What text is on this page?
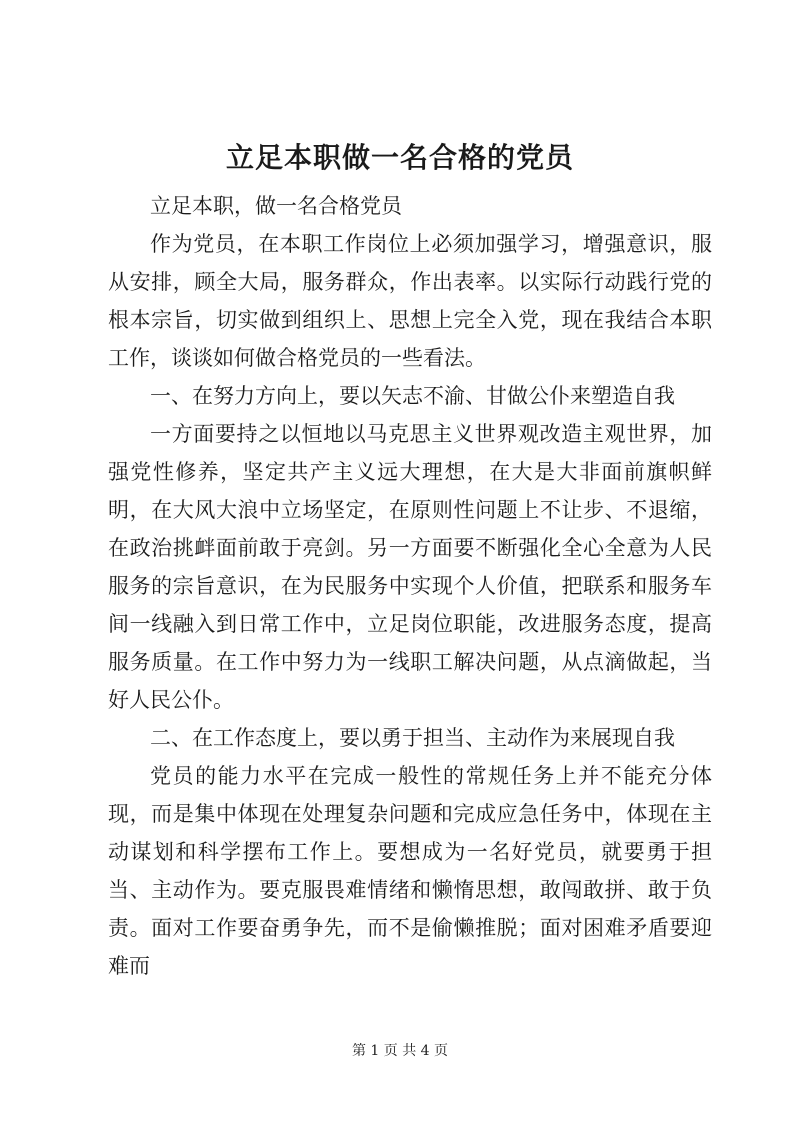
立足本职做一名合格的党员

立足本职，做一名合格党员

作为党员，在本职工作岗位上必须加强学习，增强意识，服从安排，顾全大局，服务群众，作出表率。以实际行动践行党的根本宗旨，切实做到组织上、思想上完全入党，现在我结合本职工作，谈谈如何做合格党员的一些看法。

一、在努力方向上，要以矢志不渝、甘做公仆来塑造自我

一方面要持之以恒地以马克思主义世界观改造主观世界，加强党性修养，坚定共产主义远大理想，在大是大非面前旗帜鲜明，在大风大浪中立场坚定，在原则性问题上不让步、不退缩，在政治挑衅面前敢于亮剑。另一方面要不断强化全心全意为人民服务的宗旨意识，在为民服务中实现个人价值，把联系和服务车间一线融入到日常工作中，立足岗位职能，改进服务态度，提高服务质量。在工作中努力为一线职工解决问题，从点滴做起，当好人民公仆。

二、在工作态度上，要以勇于担当、主动作为来展现自我

党员的能力水平在完成一般性的常规任务上并不能充分体现，而是集中体现在处理复杂问题和完成应急任务中，体现在主动谋划和科学摆布工作上。要想成为一名好党员，就要勇于担当、主动作为。要克服畏难情绪和懒惰思想，敢闯敢拼、敢于负责。面对工作要奋勇争先，而不是偷懒推脱；面对困难矛盾要迎难而

第 1 页 共 4 页
